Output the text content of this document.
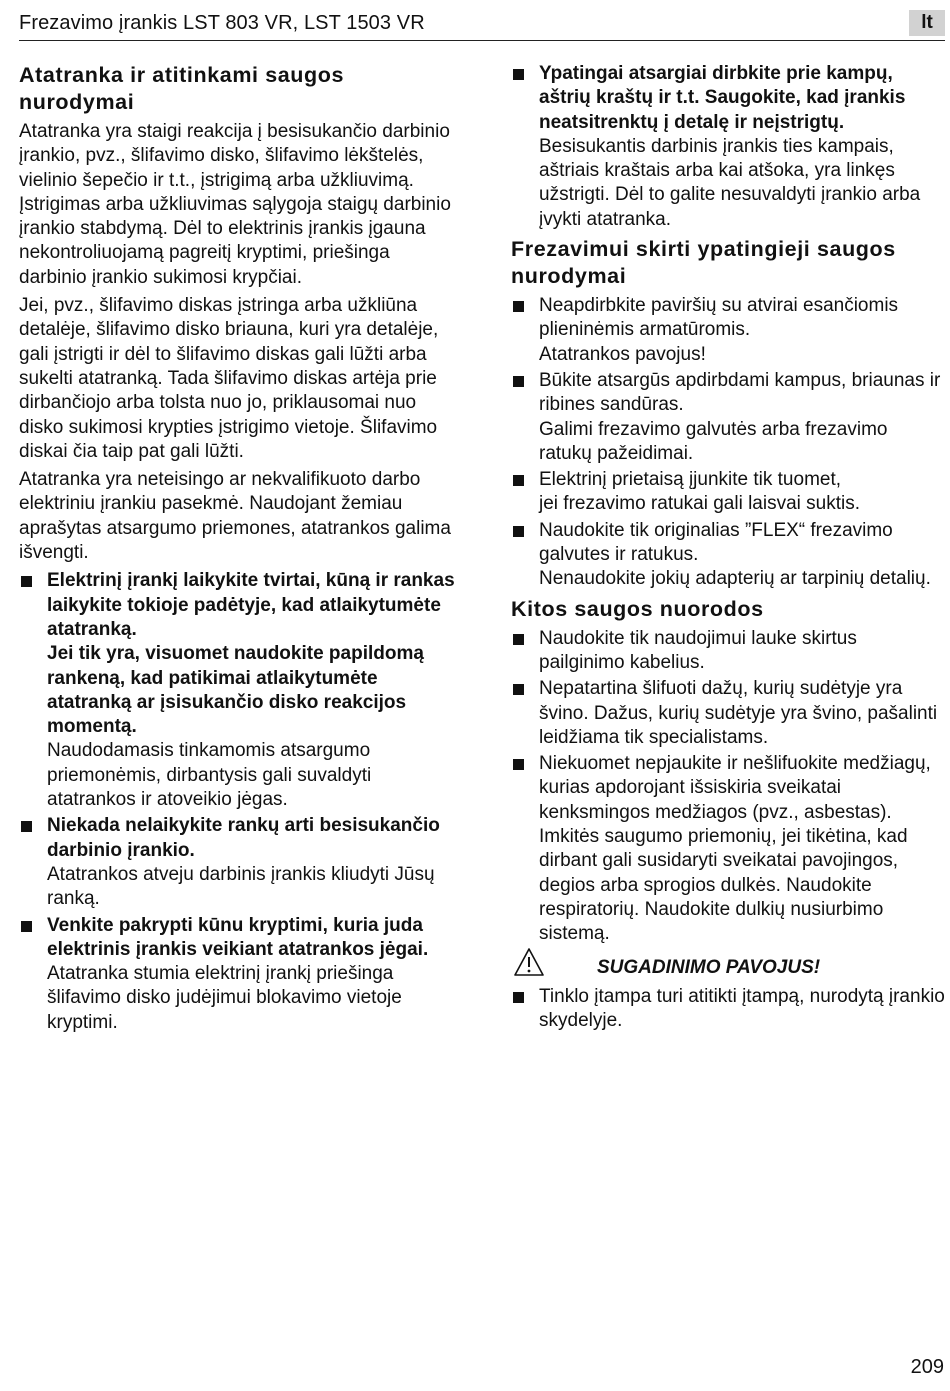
Frezavimo įrankis LST 803 VR, LST 1503 VR	lt
Atatranka ir atitinkami saugos nurodymai

Atatranka yra staigi reakcija į besisukančio darbinio įrankio, pvz., šlifavimo disko, šlifavimo lėkštelės, vielinio šepečio ir t.t., įstrigimą arba užkliuvimą. Įstrigimas arba užkliuvimas sąlygoja staigų darbinio įrankio stabdymą. Dėl to elektrinis įrankis įgauna nekontroliuojamą pagreitį kryptimi, priešinga darbinio įrankio sukimosi krypčiai.

Jei, pvz., šlifavimo diskas įstringa arba užkliūna detalėje, šlifavimo disko briauna, kuri yra detalėje, gali įstrigti ir dėl to šlifavimo diskas gali lūžti arba sukelti atatranką. Tada šlifavimo diskas artėja prie dirbančiojo arba tolsta nuo jo, priklausomai nuo disko sukimosi krypties įstrigimo vietoje. Šlifavimo diskai čia taip pat gali lūžti.

Atatranka yra neteisingo ar nekvalifikuoto darbo elektriniu įrankiu pasekmė. Naudojant žemiau aprašytas atsargumo priemones, atatrankos galima išvengti.

Elektrinį įrankį laikykite tvirtai, kūną ir rankas laikykite tokioje padėtyje, kad atlaikytumėte atatranką.
Jei tik yra, visuomet naudokite papildomą rankeną, kad patikimai atlaikytumėte atatranką ar įsisukančio disko reakcijos momentą.
Naudodamasis tinkamomis atsargumo priemonėmis, dirbantysis gali suvaldyti atatrankos ir atoveikio jėgas.
Niekada nelaikykite rankų arti besisukančio darbinio įrankio.
Atatrankos atveju darbinis įrankis kliudyti Jūsų ranką.
Venkite pakrypti kūnu kryptimi, kuria juda elektrinis įrankis veikiant atatrankos jėgai.
Atatranka stumia elektrinį įrankį priešinga šlifavimo disko judėjimui blokavimo vietoje kryptimi.
Ypatingai atsargiai dirbkite prie kampų, aštrių kraštų ir t.t. Saugokite, kad įrankis neatsitrenktų į detalę ir neįstrigtų.
Besisukantis darbinis įrankis ties kampais, aštriais kraštais arba kai atšoka, yra linkęs užstrigti. Dėl to galite nesuvaldyti įrankio arba įvykti atatranka.
Frezavimui skirti ypatingieji saugos nurodymai
Neapdirbkite paviršių su atvirai esančiomis plieninėmis armatūromis.
Atatrankos pavojus!
Būkite atsargūs apdirbdami kampus, briaunas ir ribines sandūras.
Galimi frezavimo galvutės arba frezavimo ratukų pažeidimai.
Elektrinį prietaisą įjunkite tik tuomet,
jei frezavimo ratukai gali laisvai suktis.
Naudokite tik originalias ”FLEX“ frezavimo galvutes ir ratukus.
Nenaudokite jokių adapterių ar tarpinių detalių.
Kitos saugos nuorodos
Naudokite tik naudojimui lauke skirtus pailginimo kabelius.
Nepatartina šlifuoti dažų, kurių sudėtyje yra švino. Dažus, kurių sudėtyje yra švino, pašalinti leidžiama tik specialistams.
Niekuomet nepjaukite ir nešlifuokite medžiagų, kurias apdorojant išsiskiria sveikatai kenksmingos medžiagos (pvz., asbestas). Imkitės saugumo priemonių, jei tikėtina, kad dirbant gali susidaryti sveikatai pavojingos, degios arba sprogios dulkės. Naudokite respiratorių. Naudokite dulkių nusiurbimo sistemą.
SUGADINIMO PAVOJUS!
Tinklo įtampa turi atitikti įtampą, nurodytą įrankio skydelyje.
209
